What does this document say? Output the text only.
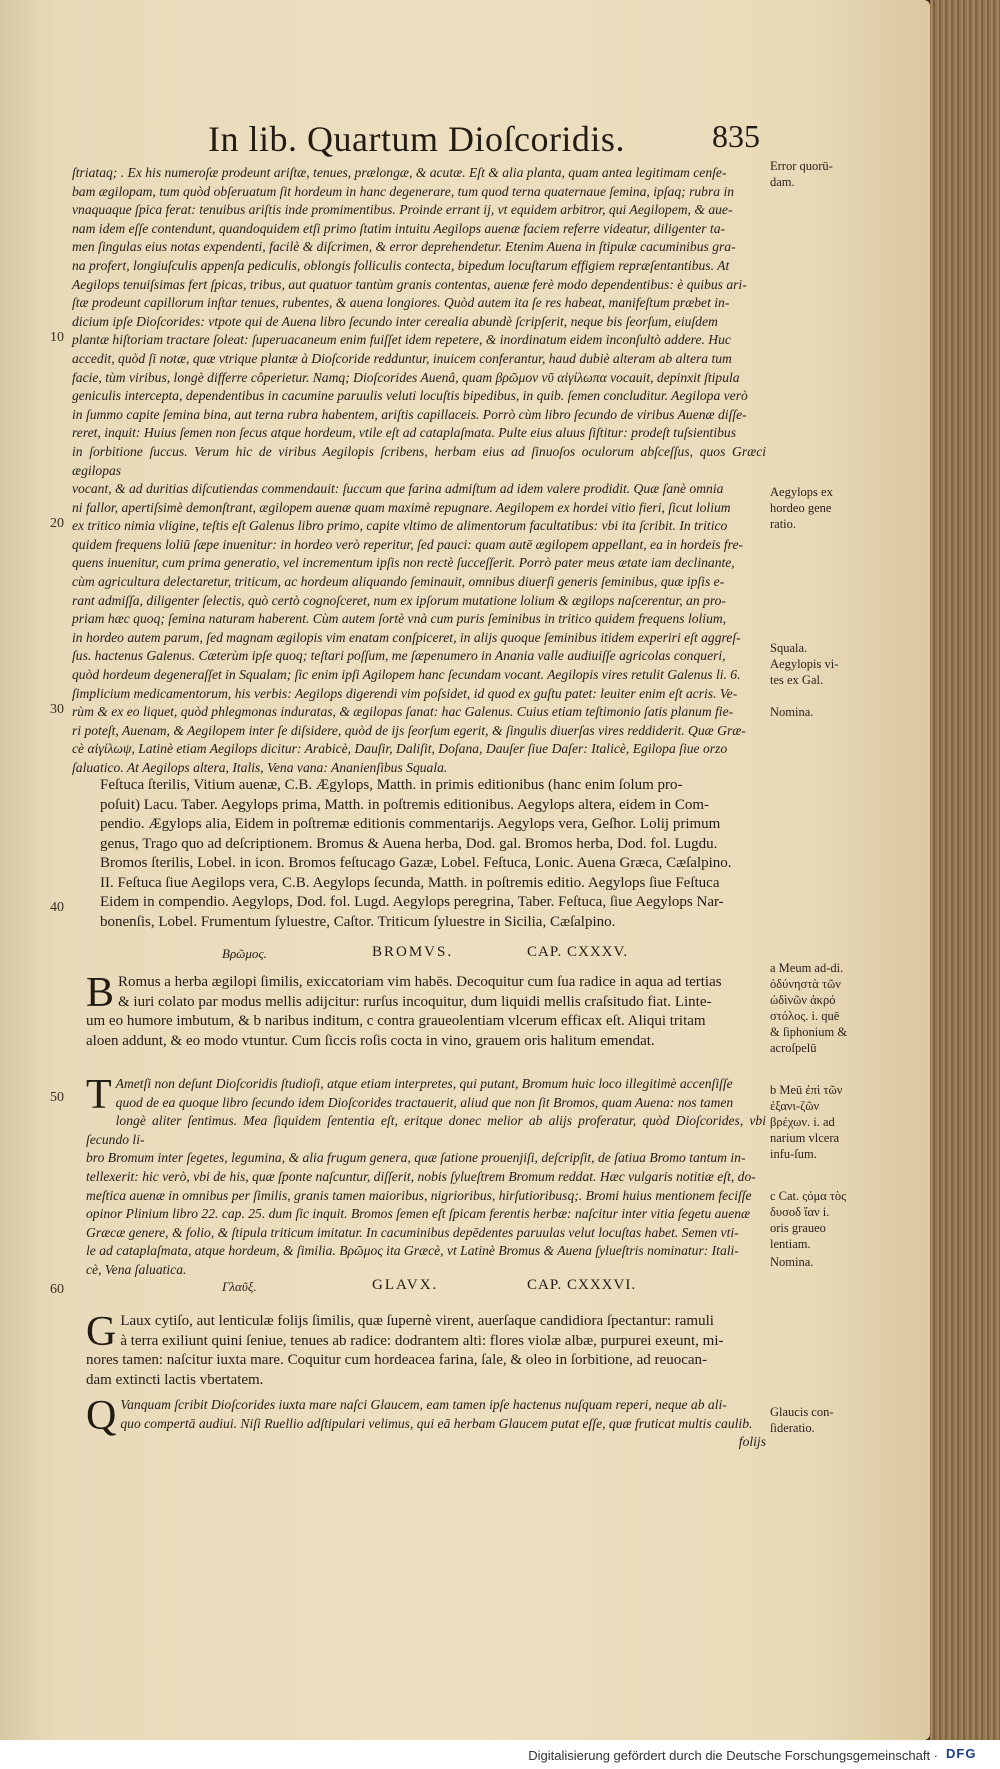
In lib. Quartum Dioſcoridis.	835
ſtriataq; . Ex his numeroſæ prodeunt ariſtæ, tenues, prælongæ, & acutæ. Eſt & alia planta, quam antea legitimam cenſe-
bam ægilopam, tum quòd obſeruatum ſit hordeum in hanc degenerare, tum quod terna quaternaue ſemina, ipſaq; rubra in
vnaquaque ſpica ferat: tenuibus ariſtis inde promimentibus. Proinde errant ij, vt equidem arbitror, qui Aegilopem, & aue-
nam idem eſſe contendunt, quandoquidem etſi primo ſtatim intuitu Aegilops auenæ faciem referre videatur, diligenter ta-
men ſingulas eius notas expendenti, facilè & diſcrimen, & error deprehendetur. Etenim Auena in ſtipulæ cacuminibus gra-
na profert, longiuſculis appenſa pediculis, oblongis folliculis contecta, bipedum locuſtarum effigiem repræſentantibus. At
Aegilops tenuiſsimas fert ſpicas, tribus, aut quatuor tantùm granis contentas, auenæ ferè modo dependentibus: è quibus ari-
ſtæ prodeunt capillorum inſtar tenues, rubentes, & auena longiores. Quòd autem ita ſe res habeat, manifeſtum præbet in-
dicium ipſe Dioſcorides: vtpote qui de Auena libro ſecundo inter cerealia abundè ſcripſerit, neque bis ſeorſum, eiuſdem
plantæ hiſtoriam tractare ſoleat: ſuperuacaneum enim fuiſſet idem repetere, & inordinatum eidem inconſultò addere. Huc
accedit, quòd ſi notæ, quæ vtrique plantæ à Dioſcoride redduntur, inuicem conferantur, haud dubiè alteram ab altera tum
facie, tùm viribus, longè differre côperietur. Namq; Dioſcorides Auenâ, quam βρῶμον νῦ αἰγίλωπα vocauit, depinxit ſtipula
geniculis intercepta, dependentibus in cacumine paruulis veluti locuſtis bipedibus, in quib. ſemen concluditur. Aegilopa verò
in ſummo capite ſemina bina, aut terna rubra habentem, ariſtis capillaceis. Porrò cùm libro ſecundo de viribus Auenæ diſſe-
reret, inquit: Huius ſemen non ſecus atque hordeum, vtile eſt ad cataplaſmata. Pulte eius aluus ſiſtitur: prodeſt tuſsientibus
in ſorbitione ſuccus. Verum hic de viribus Aegilopis ſcribens, herbam eius ad ſinuoſos oculorum abſceſſus, quos Græci ægilopas
vocant, & ad duritias diſcutiendas commendauit: ſuccum que farina admiſtum ad idem valere prodidit. Quæ ſanè omnia
ni fallor, apertiſsimè demonſtrant, ægilopem auenæ quam maximè repugnare. Aegilopem ex hordei vitio fieri, ſicut lolium
ex tritico nimia vligine, teſtis eſt Galenus libro primo, capite vltimo de alimentorum facultatibus: vbi ita ſcribit. In tritico
quidem frequens loliū ſæpe inuenitur: in hordeo verò reperitur, ſed pauci: quam autē ægilopem appellant, ea in hordeis fre-
quens inuenitur, cum prima generatio, vel incrementum ipſis non rectè ſucceſſerit. Porrò pater meus ætate iam declinante,
cùm agricultura delectaretur, triticum, ac hordeum aliquando ſeminauit, omnibus diuerſi generis ſeminibus, quæ ipſis e-
rant admiſſa, diligenter ſelectis, quò certò cognoſceret, num ex ipſorum mutatione lolium & ægilops naſcerentur, an pro-
priam hæc quoq; ſemina naturam haberent. Cùm autem ſortè vnà cum puris ſeminibus in tritico quidem frequens lolium,
in hordeo autem parum, ſed magnam ægilopis vim enatam conſpiceret, in alijs quoque ſeminibus itidem experiri eſt aggreſ-
ſus. hactenus Galenus. Cæterùm ipſe quoq; teſtari poſſum, me ſæpenumero in Anania valle audiuiſſe agricolas conqueri,
quòd hordeum degeneraſſet in Squalam; ſic enim ipſi Agilopem hanc ſecundam vocant. Aegilopis vires retulit Galenus li. 6.
ſimplicium medicamentorum, his verbis: Aegilops digerendi vim poſsidet, id quod ex guſtu patet: leuiter enim eſt acris. Ve-
rùm & ex eo liquet, quòd phlegmonas induratas, & ægilopas ſanat: hac Galenus. Cuius etiam teſtimonio ſatis planum fie-
ri poteſt, Auenam, & Aegilopem inter ſe diſsidere, quòd de ijs ſeorſum egerit, & ſingulis diuerſas vires reddiderit. Quæ Græ-
cè αἰγίλωψ, Latinè etiam Aegilops dicitur: Arabicè, Dauſir, Daliſit, Doſana, Dauſer ſiue Daſer: Italicè, Egilopa ſiue orzo
ſaluatico. At Aegilops altera, Italis, Vena vana: Ananienſibus Squala.
Feſtuca ſterilis, Vitium auenæ, C.B. Ægylops, Matth. in primis editionibus (hanc enim ſolum pro-
poſuit) Lacu. Taber. Aegylops prima, Matth. in poſtremis editionibus. Aegylops altera, eidem in Com-
pendio. Ægylops alia, Eidem in poſtremæ editionis commentarijs. Aegylops vera, Geſhor. Lolij primum
genus, Trago quo ad deſcriptionem. Bromus & Auena herba, Dod. gal. Bromos herba, Dod. fol. Lugdu.
Bromos ſterilis, Lobel. in icon. Bromos feſtucago Gazæ, Lobel. Feſtuca, Lonic. Auena Græca, Cæſalpino.
II. Feſtuca ſiue Aegilops vera, C.B. Aegylops ſecunda, Matth. in poſtremis editio. Aegylops ſiue Feſtuca
Eidem in compendio. Aegylops, Dod. fol. Lugd. Aegylops peregrina, Taber. Feſtuca, ſiue Aegylops Nar-
bonenſis, Lobel. Frumentum ſyluestre, Caſtor. Triticum ſyluestre in Sicilia, Cæſalpino.
Βρῶμος.	BROMVS.	CAP. CXXXV.
B Romus a herba ægilopi ſimilis, exiccatoriam vim habēs. Decoquitur cum ſua radice in aqua ad tertias
& iuri colato par modus mellis adijcitur: rurſus incoquitur, dum liquidi mellis craſsitudo fiat. Linte-
um eo humore imbutum, & b naribus inditum, c contra graueolentiam vlcerum efficax eſt. Aliqui tritam
aloen addunt, & eo modo vtuntur. Cum ſiccis roſis cocta in vino, grauem oris halitum emendat.
T Ametſi non deſunt Dioſcoridis ſtudioſi, atque etiam interpretes, qui putant, Bromum huic loco illegitimè accenſiſſe
quod de ea quoque libro ſecundo idem Dioſcorides tractauerit, aliud que non ſit Bromos, quam Auena: nos tamen
longè aliter ſentimus. Mea ſiquidem ſententia eſt, eritque donec melior ab alijs proferatur, quòd Dioſcorides, vbi ſecundo li-
bro Bromum inter ſegetes, legumina, & alia frugum genera, quæ ſatione prouenjiſi, deſcripſit, de ſatiua Bromo tantum in-
tellexerit: hic verò, vbi de his, quæ ſponte naſcuntur, diſſerit, nobis ſylueſtrem Bromum reddat. Hæc vulgaris notitiæ eſt, do-
meſtica auenæ in omnibus per ſimilis, granis tamen maioribus, nigrioribus, hirſutioribusq;. Bromi huius mentionem feciſſe
opinor Plinium libro 22. cap. 25. dum ſic inquit. Bromos ſemen eſt ſpicam ferentis herbæ: naſcitur inter vitia ſegetu auenæ
Græcæ genere, & folio, & ſtipula triticum imitatur. In cacuminibus depēdentes paruulas velut locuſtas habet. Semen vti-
le ad cataplaſmata, atque hordeum, & ſimilia. Βρῶμος ita Græcè, vt Latinè Bromus & Auena ſylueſtris nominatur: Itali-
cè, Vena ſaluatica.
Γλαῦξ.	GLAVX.	CAP. CXXXVI.
G Laux cytiſo, aut lenticulæ folijs ſimilis, quæ ſupernè virent, auerſaque candidiora ſpectantur: ramuli
à terra exiliunt quini ſeniue, tenues ab radice: dodrantem alti: flores violæ albæ, purpurei exeunt, mi-
nores tamen: naſcitur iuxta mare. Coquitur cum hordeacea farina, ſale, & oleo in ſorbitione, ad reuocan-
dam extincti lactis vbertatem.
Q Vanquam ſcribit Dioſcorides iuxta mare naſci Glaucem, eam tamen ipſe hactenus nuſquam reperi, neque ab ali-
quo compertā audiui. Niſi Ruellio adſtipulari velimus, qui eā herbam Glaucem putat eſſe, quæ fruticat multis caulib.
folijs
10
20
30
40
50
60
Error quorū-dam.
Aegylops ex hordeo gene ratio.
Squala. Aegylopis vi-tes ex Gal.
Nomina.
a Meum ad-di. ὀδύνηστὰ τῶν ὠδὶνῶν ἀκρό στόλος. i. quē & ſiphonium & acroſpelū
b Meū ἐπὶ τῶν ἐξανι-ζῶν βρέχων. i. ad narium vlcera infu-ſum.
c Cat. ςόμα τὸς δυσοδ ἴαν i. oris graueo lentiam.
Nomina.
Glaucis con-ſideratio.
Digitalisierung gefördert durch die Deutsche Forschungsgemeinschaft · DFG
